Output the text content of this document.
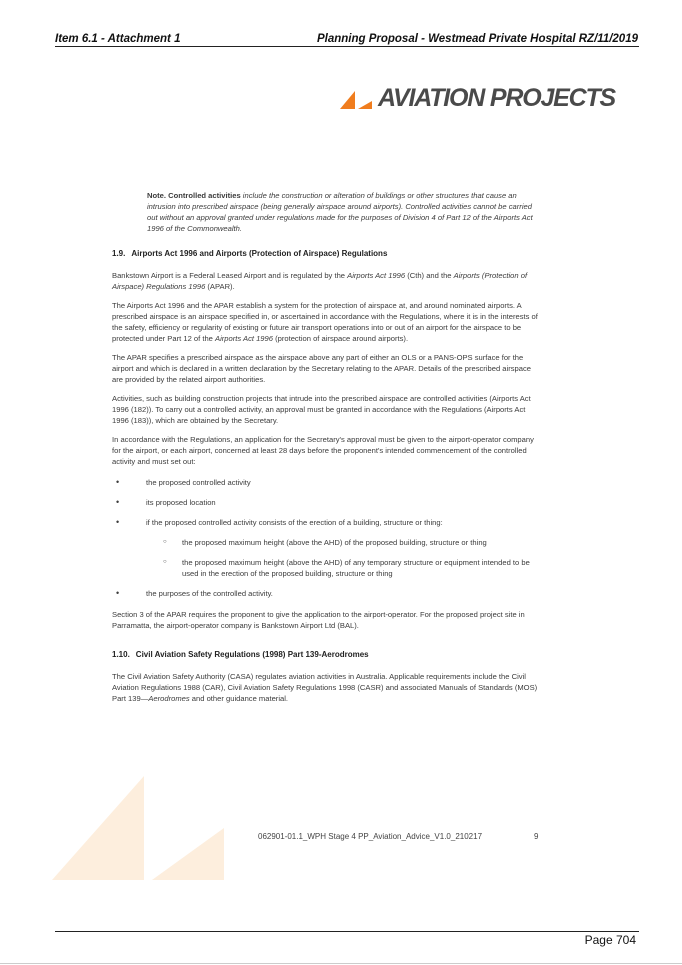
Item 6.1 - Attachment 1	Planning Proposal - Westmead Private Hospital RZ/11/2019
AVIATION PROJECTS

Note. Controlled activities include the construction or alteration of buildings or other structures that cause an intrusion into prescribed airspace (being generally airspace around airports). Controlled activities cannot be carried out without an approval granted under regulations made for the purposes of Division 4 of Part 12 of the Airports Act 1996 of the Commonwealth.

1.9. Airports Act 1996 and Airports (Protection of Airspace) Regulations

Bankstown Airport is a Federal Leased Airport and is regulated by the Airports Act 1996 (Cth) and the Airports (Protection of Airspace) Regulations 1996 (APAR).

The Airports Act 1996 and the APAR establish a system for the protection of airspace at, and around nominated airports. A prescribed airspace is an airspace specified in, or ascertained in accordance with the Regulations, where it is in the interests of the safety, efficiency or regularity of existing or future air transport operations into or out of an airport for the airspace to be protected under Part 12 of the Airports Act 1996 (protection of airspace around airports).

The APAR specifies a prescribed airspace as the airspace above any part of either an OLS or a PANS-OPS surface for the airport and which is declared in a written declaration by the Secretary relating to the APAR. Details of the prescribed airspace are provided by the related airport authorities.

Activities, such as building construction projects that intrude into the prescribed airspace are controlled activities (Airports Act 1996 (182)). To carry out a controlled activity, an approval must be granted in accordance with the Regulations (Airports Act 1996 (183)), which are obtained by the Secretary.

In accordance with the Regulations, an application for the Secretary's approval must be given to the airport-operator company for the airport, or each airport, concerned at least 28 days before the proponent's intended commencement of the controlled activity and must set out:

• the proposed controlled activity
• its proposed location
• if the proposed controlled activity consists of the erection of a building, structure or thing:
○ the proposed maximum height (above the AHD) of the proposed building, structure or thing
○ the proposed maximum height (above the AHD) of any temporary structure or equipment intended to be used in the erection of the proposed building, structure or thing
• the purposes of the controlled activity.

Section 3 of the APAR requires the proponent to give the application to the airport-operator. For the proposed project site in Parramatta, the airport-operator company is Bankstown Airport Ltd (BAL).

1.10. Civil Aviation Safety Regulations (1998) Part 139-Aerodromes

The Civil Aviation Safety Authority (CASA) regulates aviation activities in Australia. Applicable requirements include the Civil Aviation Regulations 1988 (CAR), Civil Aviation Safety Regulations 1998 (CASR) and associated Manuals of Standards (MOS) Part 139—Aerodromes and other guidance material.

062901-01.1_WPH Stage 4 PP_Aviation_Advice_V1.0_210217	9
Page 704
